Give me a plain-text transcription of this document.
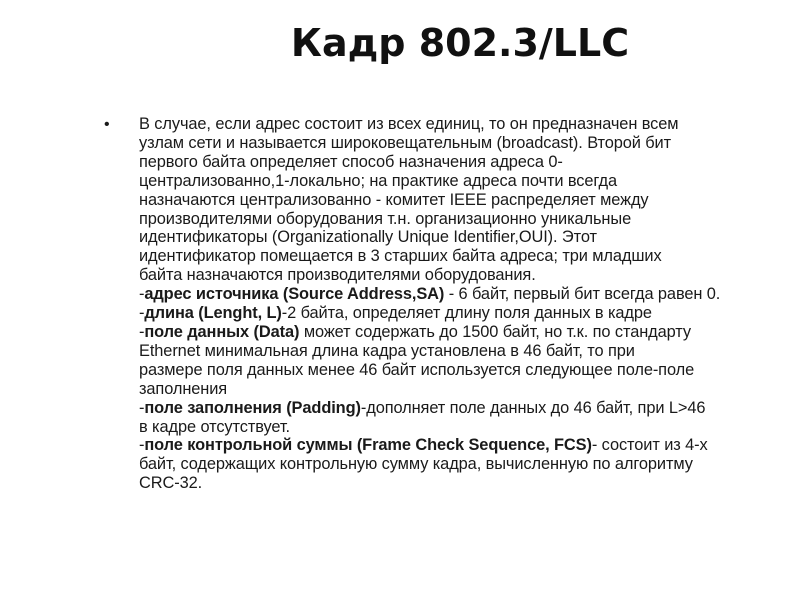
Кадр 802.3/LLC
• В случае, если адрес состоит из всех единиц, то он предназначен всем
узлам сети и называется широковещательным (broadcast). Второй бит
первого байта определяет способ назначения адреса 0-
централизованно,1-локально; на практике адреса почти всегда
назначаются централизованно - комитет IEEE распределяет между
производителями оборудования т.н. организационно уникальные
идентификаторы (Organizationally Unique Identifier,OUI). Этот
идентификатор помещается в 3 старших байта адреса; три младших
байта назначаются производителями оборудования.
-адрес источника (Source Address,SA) - 6 байт, первый бит всегда равен 0.
-длина (Lenght, L)-2 байта, определяет длину поля данных в кадре
-поле данных (Data) может содержать до 1500 байт, но т.к. по стандарту
Ethernet минимальная длина кадра установлена в 46 байт, то при
размере поля данных менее 46 байт используется следующее поле-поле
заполнения
-поле заполнения (Padding)-дополняет поле данных до 46 байт, при L>46
в кадре отсутствует.
-поле контрольной суммы (Frame Check Sequence, FCS)- состоит из 4-х
байт, содержащих контрольную сумму кадра, вычисленную по алгоритму
CRC-32.
